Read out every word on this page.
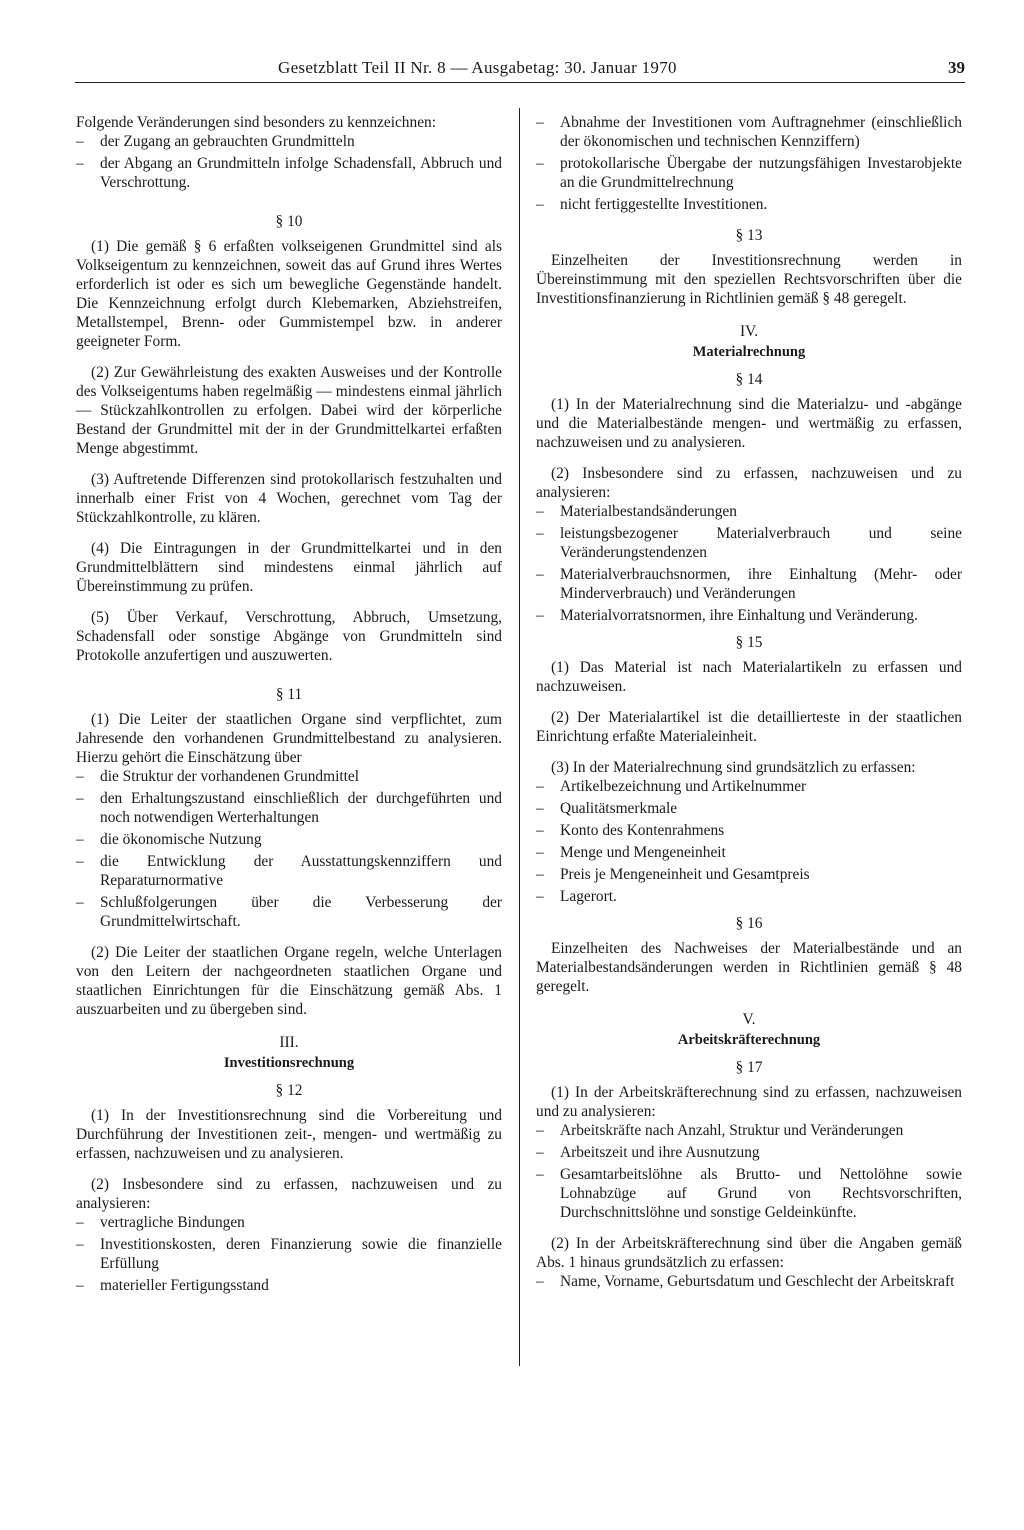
Gesetzblatt Teil II Nr. 8 — Ausgabetag: 30. Januar 1970	39

Folgende Veränderungen sind besonders zu kennzeichnen:

– der Zugang an gebrauchten Grundmitteln
– der Abgang an Grundmitteln infolge Schadensfall, Abbruch und Verschrottung.
§ 10

(1) Die gemäß § 6 erfaßten volkseigenen Grundmittel sind als Volkseigentum zu kennzeichnen, soweit das auf Grund ihres Wertes erforderlich ist oder es sich um bewegliche Gegenstände handelt. Die Kennzeichnung erfolgt durch Klebemarken, Abziehstreifen, Metallstempel, Brenn- oder Gummistempel bzw. in anderer geeigneter Form.

(2) Zur Gewährleistung des exakten Ausweises und der Kontrolle des Volkseigentums haben regelmäßig — mindestens einmal jährlich — Stückzahlkontrollen zu erfolgen. Dabei wird der körperliche Bestand der Grundmittel mit der in der Grundmittelkartei erfaßten Menge abgestimmt.

(3) Auftretende Differenzen sind protokollarisch festzuhalten und innerhalb einer Frist von 4 Wochen, gerechnet vom Tag der Stückzahlkontrolle, zu klären.

(4) Die Eintragungen in der Grundmittelkartei und in den Grundmittelblättern sind mindestens einmal jährlich auf Übereinstimmung zu prüfen.

(5) Über Verkauf, Verschrottung, Abbruch, Umsetzung, Schadensfall oder sonstige Abgänge von Grundmitteln sind Protokolle anzufertigen und auszuwerten.

§ 11

(1) Die Leiter der staatlichen Organe sind verpflichtet, zum Jahresende den vorhandenen Grundmittelbestand zu analysieren. Hierzu gehört die Einschätzung über

– die Struktur der vorhandenen Grundmittel
– den Erhaltungszustand einschließlich der durchgeführten und noch notwendigen Werterhaltungen
– die ökonomische Nutzung
– die Entwicklung der Ausstattungskennziffern und Reparaturnormative
– Schlußfolgerungen über die Verbesserung der Grundmittelwirtschaft.

(2) Die Leiter der staatlichen Organe regeln, welche Unterlagen von den Leitern der nachgeordneten staatlichen Organe und staatlichen Einrichtungen für die Einschätzung gemäß Abs. 1 auszuarbeiten und zu übergeben sind.

III.
Investitionsrechnung
§ 12

(1) In der Investitionsrechnung sind die Vorbereitung und Durchführung der Investitionen zeit-, mengen- und wertmäßig zu erfassen, nachzuweisen und zu analysieren.

(2) Insbesondere sind zu erfassen, nachzuweisen und zu analysieren:

– vertragliche Bindungen
– Investitionskosten, deren Finanzierung sowie die finanzielle Erfüllung
– materieller Fertigungsstand
– Abnahme der Investitionen vom Auftragnehmer (einschließlich der ökonomischen und technischen Kennziffern)
– protokollarische Übergabe der nutzungsfähigen Investarobjekte an die Grundmittelrechnung
– nicht fertiggestellte Investitionen.
§ 13

Einzelheiten der Investitionsrechnung werden in Übereinstimmung mit den speziellen Rechtsvorschriften über die Investitionsfinanzierung in Richtlinien gemäß § 48 geregelt.

IV.
Materialrechnung
§ 14

(1) In der Materialrechnung sind die Materialzu- und -abgänge und die Materialbestände mengen- und wertmäßig zu erfassen, nachzuweisen und zu analysieren.

(2) Insbesondere sind zu erfassen, nachzuweisen und zu analysieren:

– Materialbestandsänderungen
– leistungsbezogener Materialverbrauch und seine Veränderungstendenzen
– Materialverbrauchsnormen, ihre Einhaltung (Mehr- oder Minderverbrauch) und Veränderungen
– Materialvorratsnormen, ihre Einhaltung und Veränderung.
§ 15

(1) Das Material ist nach Materialartikeln zu erfassen und nachzuweisen.

(2) Der Materialartikel ist die detaillierteste in der staatlichen Einrichtung erfaßte Materialeinheit.

(3) In der Materialrechnung sind grundsätzlich zu erfassen:

– Artikelbezeichnung und Artikelnummer
– Qualitätsmerkmale
– Konto des Kontenrahmens
– Menge und Mengeneinheit
– Preis je Mengeneinheit und Gesamtpreis
– Lagerort.
§ 16

Einzelheiten des Nachweises der Materialbestände und an Materialbestandsänderungen werden in Richtlinien gemäß § 48 geregelt.

V.
Arbeitskräfterechnung
§ 17

(1) In der Arbeitskräfterechnung sind zu erfassen, nachzuweisen und zu analysieren:

– Arbeitskräfte nach Anzahl, Struktur und Veränderungen
– Arbeitszeit und ihre Ausnutzung
– Gesamtarbeitslöhne als Brutto- und Nettolöhne sowie Lohnabzüge auf Grund von Rechtsvorschriften, Durchschnittslöhne und sonstige Geldeinkünfte.

(2) In der Arbeitskräfterechnung sind über die Angaben gemäß Abs. 1 hinaus grundsätzlich zu erfassen:

– Name, Vorname, Geburtsdatum und Geschlecht der Arbeitskraft
